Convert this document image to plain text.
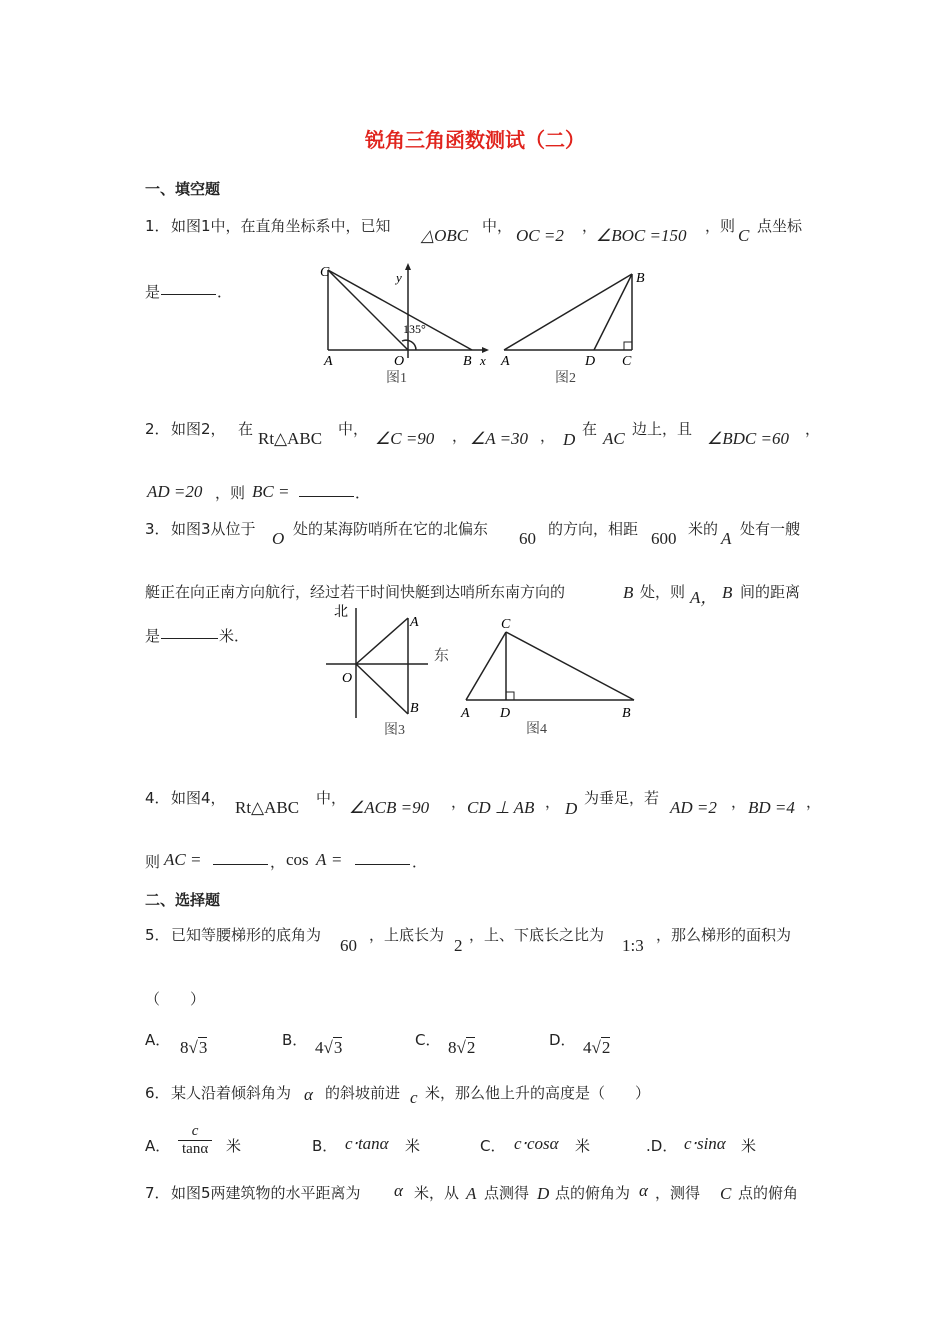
锐角三角函数测试（二）
一、填空题
1． 如图1中，在直角坐标系中，已知 △OBC 中， OC =2 ，
∠BOC =150 ，则 C 点坐标
是	．
C	y
135°
A	O	B x
图1
B
A	D C
图2
2． 如图2， 在 Rt△ABC 中， ∠C =90 ， ∠A =30 ， D
在 AC 边上，且 ∠BDC =60 ，
AD =20 ，则 BC =	．
3． 如图3从位于 O 处的某海防哨所在它的北偏东 60 的方向，相距 600 米的 A 处有一艘
艇正在向正南方向航行，经过若干时间快艇到达哨所东南方向的	B 处，则 A， B 间的距离
是	米．
北
东
A
O
B
图3
C
A D	B
图4
4． 如图4， Rt△ABC 中， ∠ACB =90 ， CD ⊥ AB ， D
为垂足，若 AD =2 ， BD =4 ，
则 AC =	， cos A =	．
二、选择题
5． 已知等腰梯形的底角为
60
，上底长为
2
，上、下底长之比为
1:3
，那么梯形的面积为
（　　）
A． 8√3	B． 4√3	C． 8√2	D． 4√2
6． 某人沿着倾斜角为 α 的斜坡前进 c 米，那么他上升的高度是（　　）
A． $\frac{c}{\tan\alpha}$ 米	B． c⋅tanα 米	C． c⋅cosα 米	.D． c⋅sinα 米
7． 如图5两建筑物的水平距离为 α 米，从 A 点测得 D 点的俯角为 α ，测得 C 点的俯角
